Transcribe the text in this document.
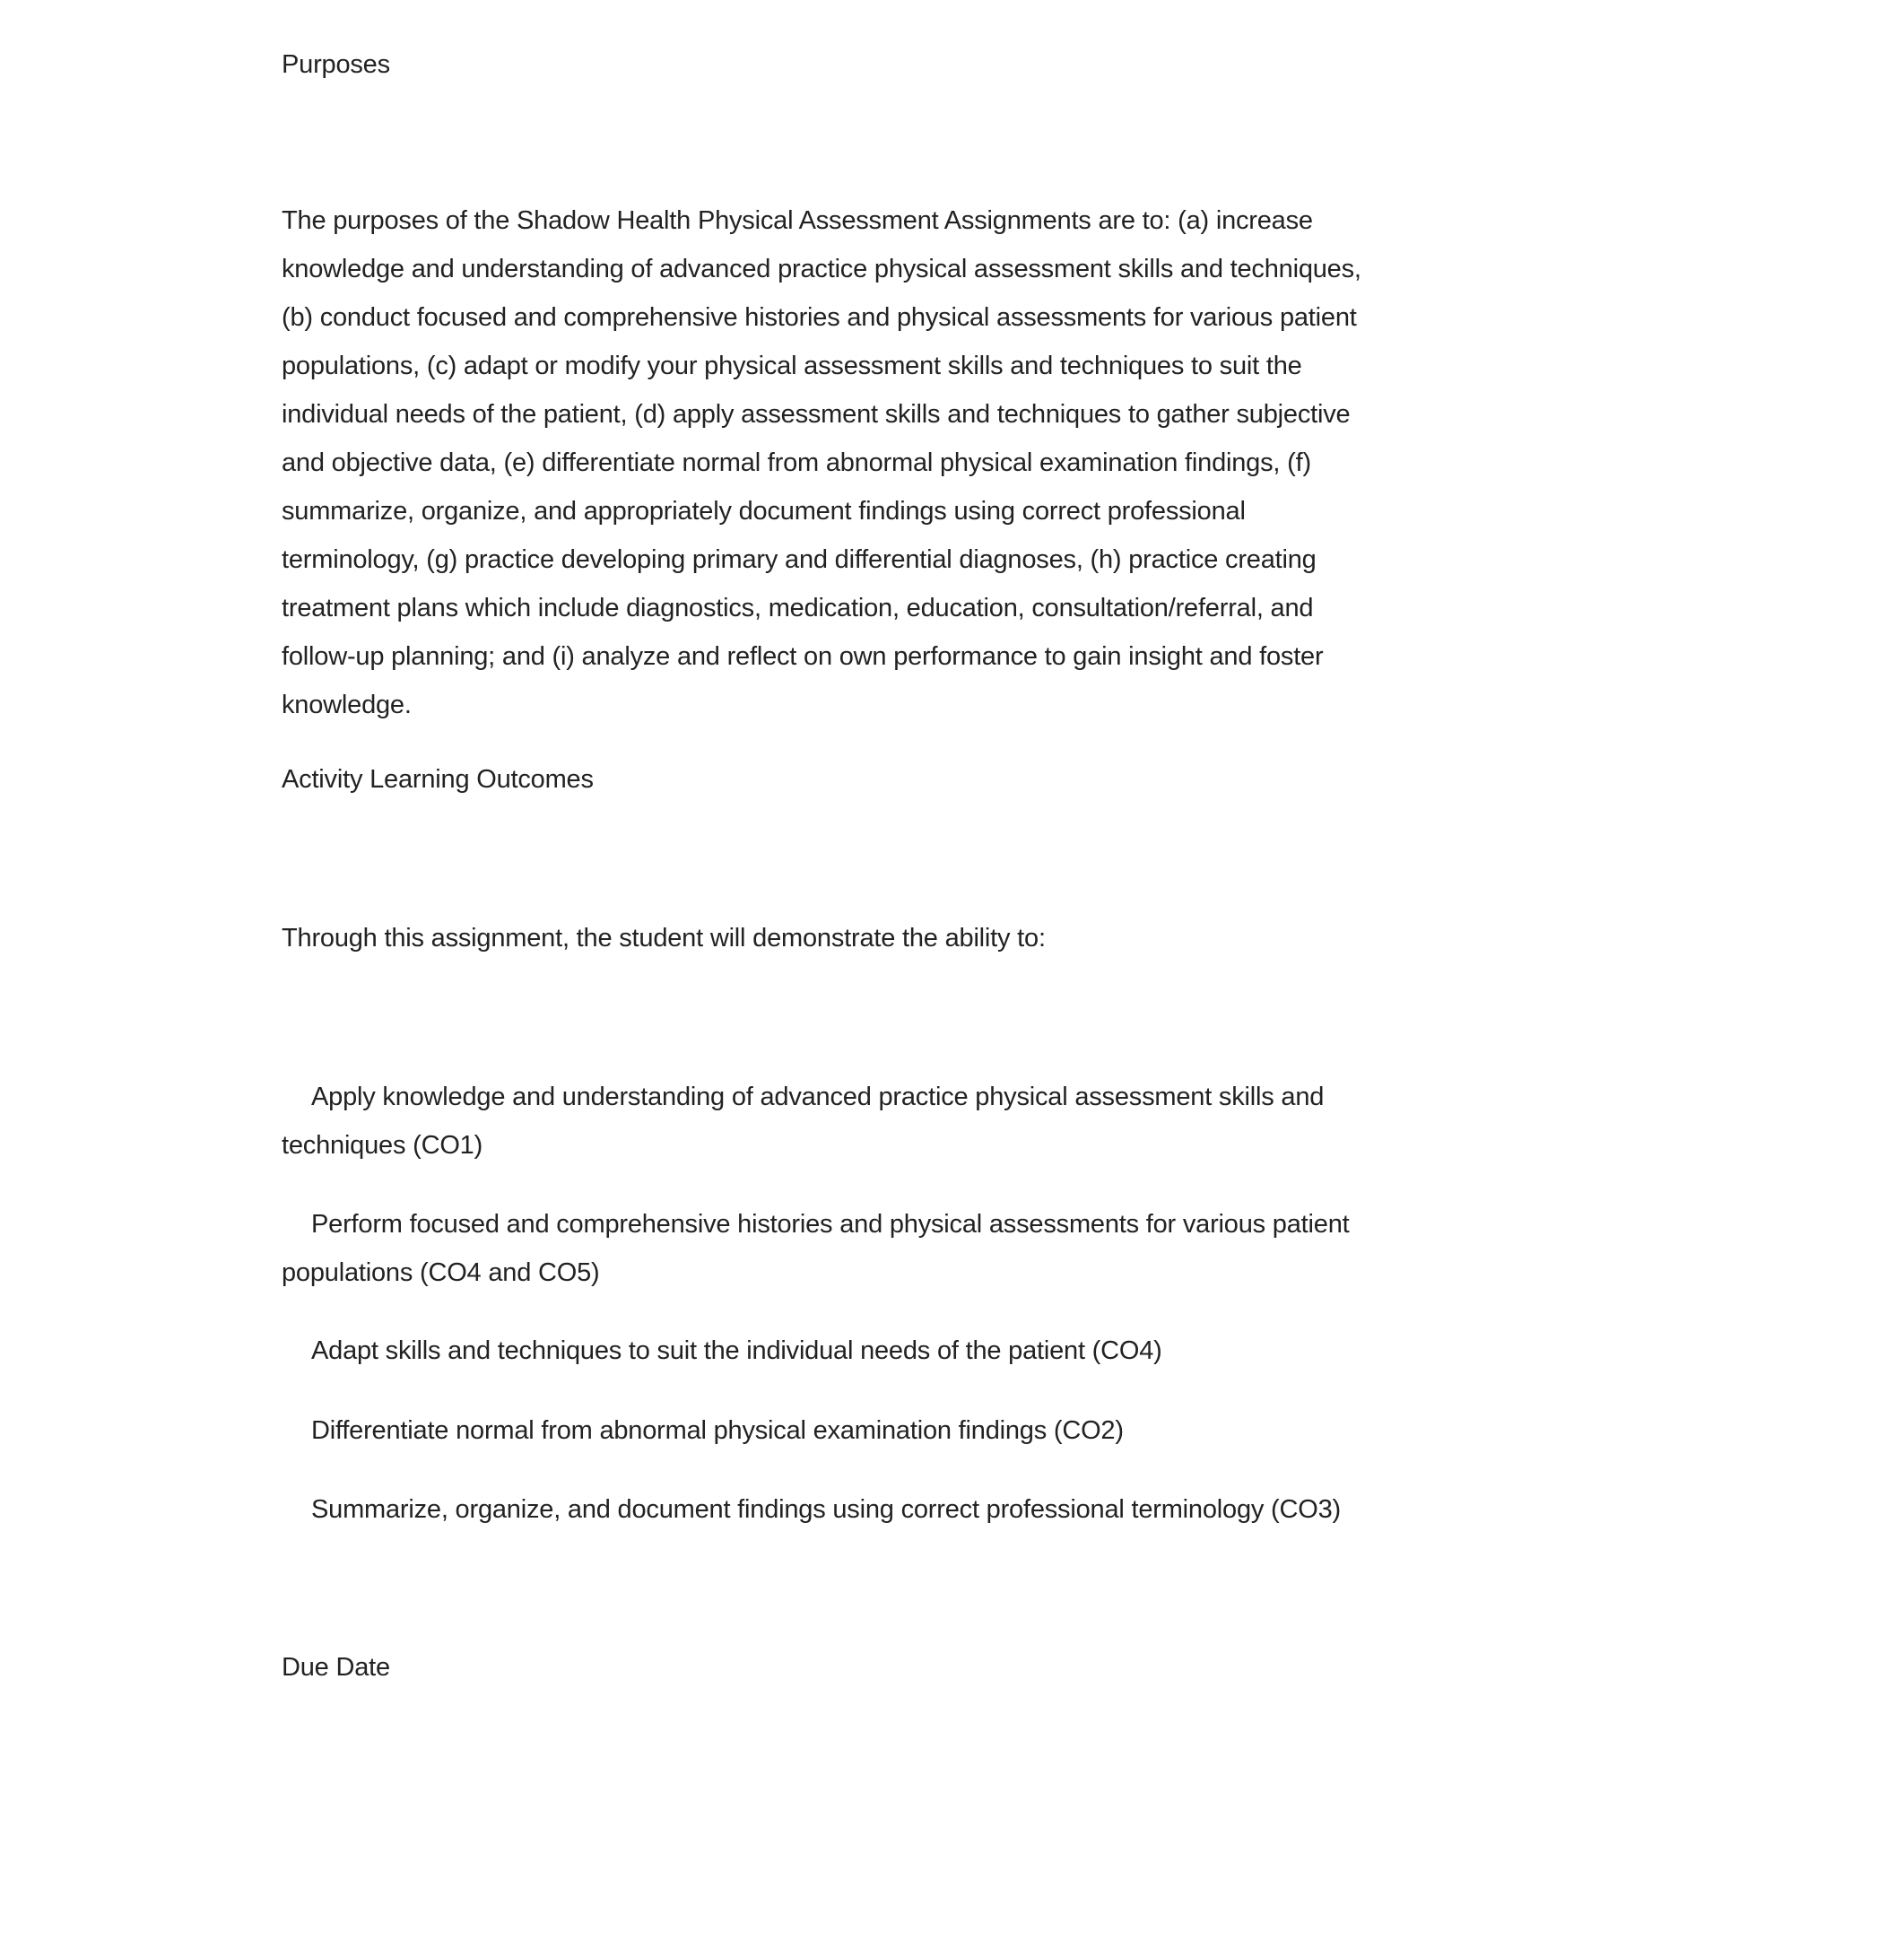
Purposes
The purposes of the Shadow Health Physical Assessment Assignments are to: (a) increase
knowledge and understanding of advanced practice physical assessment skills and techniques,
(b) conduct focused and comprehensive histories and physical assessments for various patient
populations, (c) adapt or modify your physical assessment skills and techniques to suit the
individual needs of the patient, (d) apply assessment skills and techniques to gather subjective
and objective data, (e) differentiate normal from abnormal physical examination findings, (f)
summarize, organize, and appropriately document findings using correct professional
terminology, (g) practice developing primary and differential diagnoses, (h) practice creating
treatment plans which include diagnostics, medication, education, consultation/referral, and
follow-up planning; and (i) analyze and reflect on own performance to gain insight and foster
knowledge.
Activity Learning Outcomes
Through this assignment, the student will demonstrate the ability to:
Apply knowledge and understanding of advanced practice physical assessment skills and
techniques (CO1)
Perform focused and comprehensive histories and physical assessments for various patient
populations (CO4 and CO5)
Adapt skills and techniques to suit the individual needs of the patient (CO4)
Differentiate normal from abnormal physical examination findings (CO2)
Summarize, organize, and document findings using correct professional terminology (CO3)
Due Date
